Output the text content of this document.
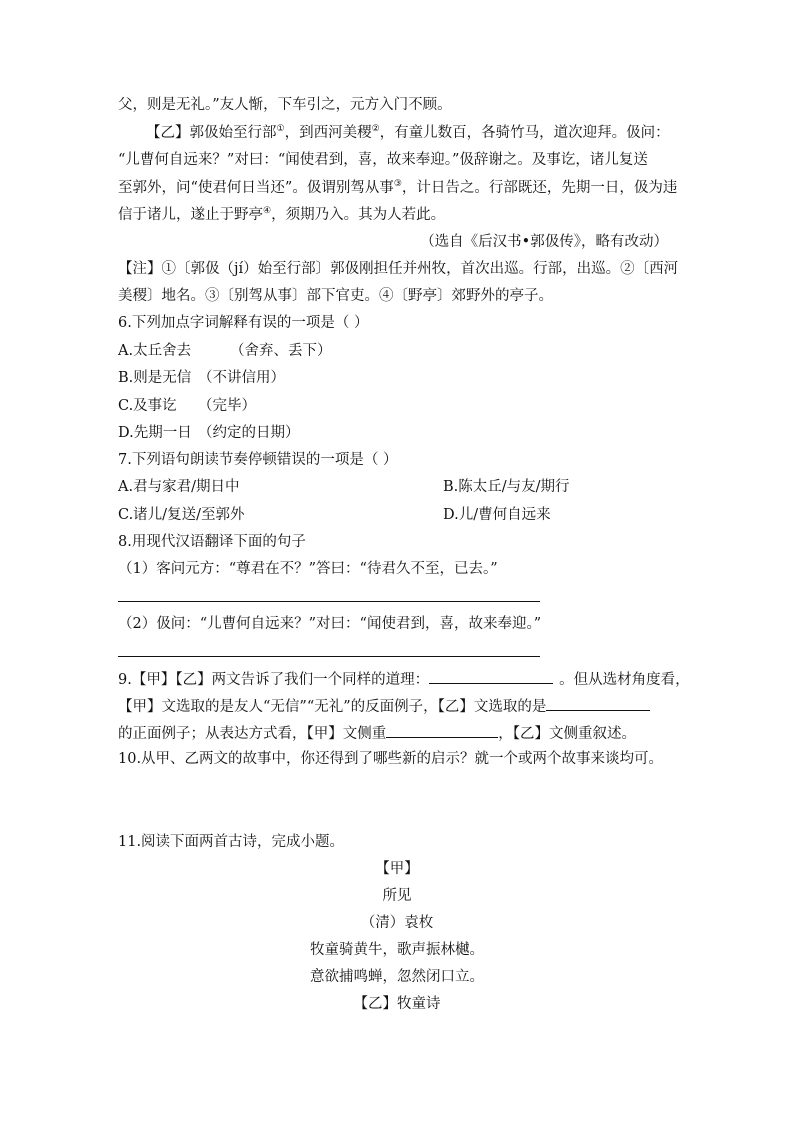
父，则是无礼。”友人惭，下车引之，元方入门不顾。
【乙】郭伋始至行部①，到西河美稷②，有童儿数百，各骑竹马，道次迎拜。伋问：
“儿曹何自远来？”对曰：“闻使君到，喜，故来奉迎。”伋辞谢之。及事讫，诸儿复送
至郭外，问“使君何日当还”。伋谓别驾从事③，计日告之。行部既还，先期一日，伋为违
信于诸儿，遂止于野亭④，须期乃入。其为人若此。
（选自《后汉书•郭伋传》，略有改动）
【注】①〔郭伋（jí）始至行部〕郭伋刚担任并州牧，首次出巡。行部，出巡。②〔西河
美稷〕地名。③〔别驾从事〕部下官吏。④〔野亭〕郊野外的亭子。
6.下列加点字词解释有误的一项是（ ）
A.太丘舍去	（舍弃、丢下）
B.则是无信 （不讲信用）
C.及事讫 （完毕）
D.先期一日 （约定的日期）
7.下列语句朗读节奏停顿错误的一项是（ ）
A.君与家君/期日中	B.陈太丘/与友/期行
C.诸儿/复送/至郭外	D.儿/曹何自远来
8.用现代汉语翻译下面的句子
（1）客问元方：“尊君在不？”答曰：“待君久不至，已去。”
（2）伋问：“儿曹何自远来？”对曰：“闻使君到，喜，故来奉迎。”
9.【甲】【乙】两文告诉了我们一个同样的道理：	。但从选材角度看，
【甲】文选取的是友人“无信”“无礼”的反面例子，【乙】文选取的是
的正面例子；从表达方式看，【甲】文侧重	，【乙】文侧重叙述。
10.从甲、乙两文的故事中，你还得到了哪些新的启示？就一个或两个故事来谈均可。
11.阅读下面两首古诗，完成小题。
【甲】
所见
（清）袁枚
牧童骑黄牛，歌声振林樾。
意欲捕鸣蝉，忽然闭口立。
【乙】牧童诗
